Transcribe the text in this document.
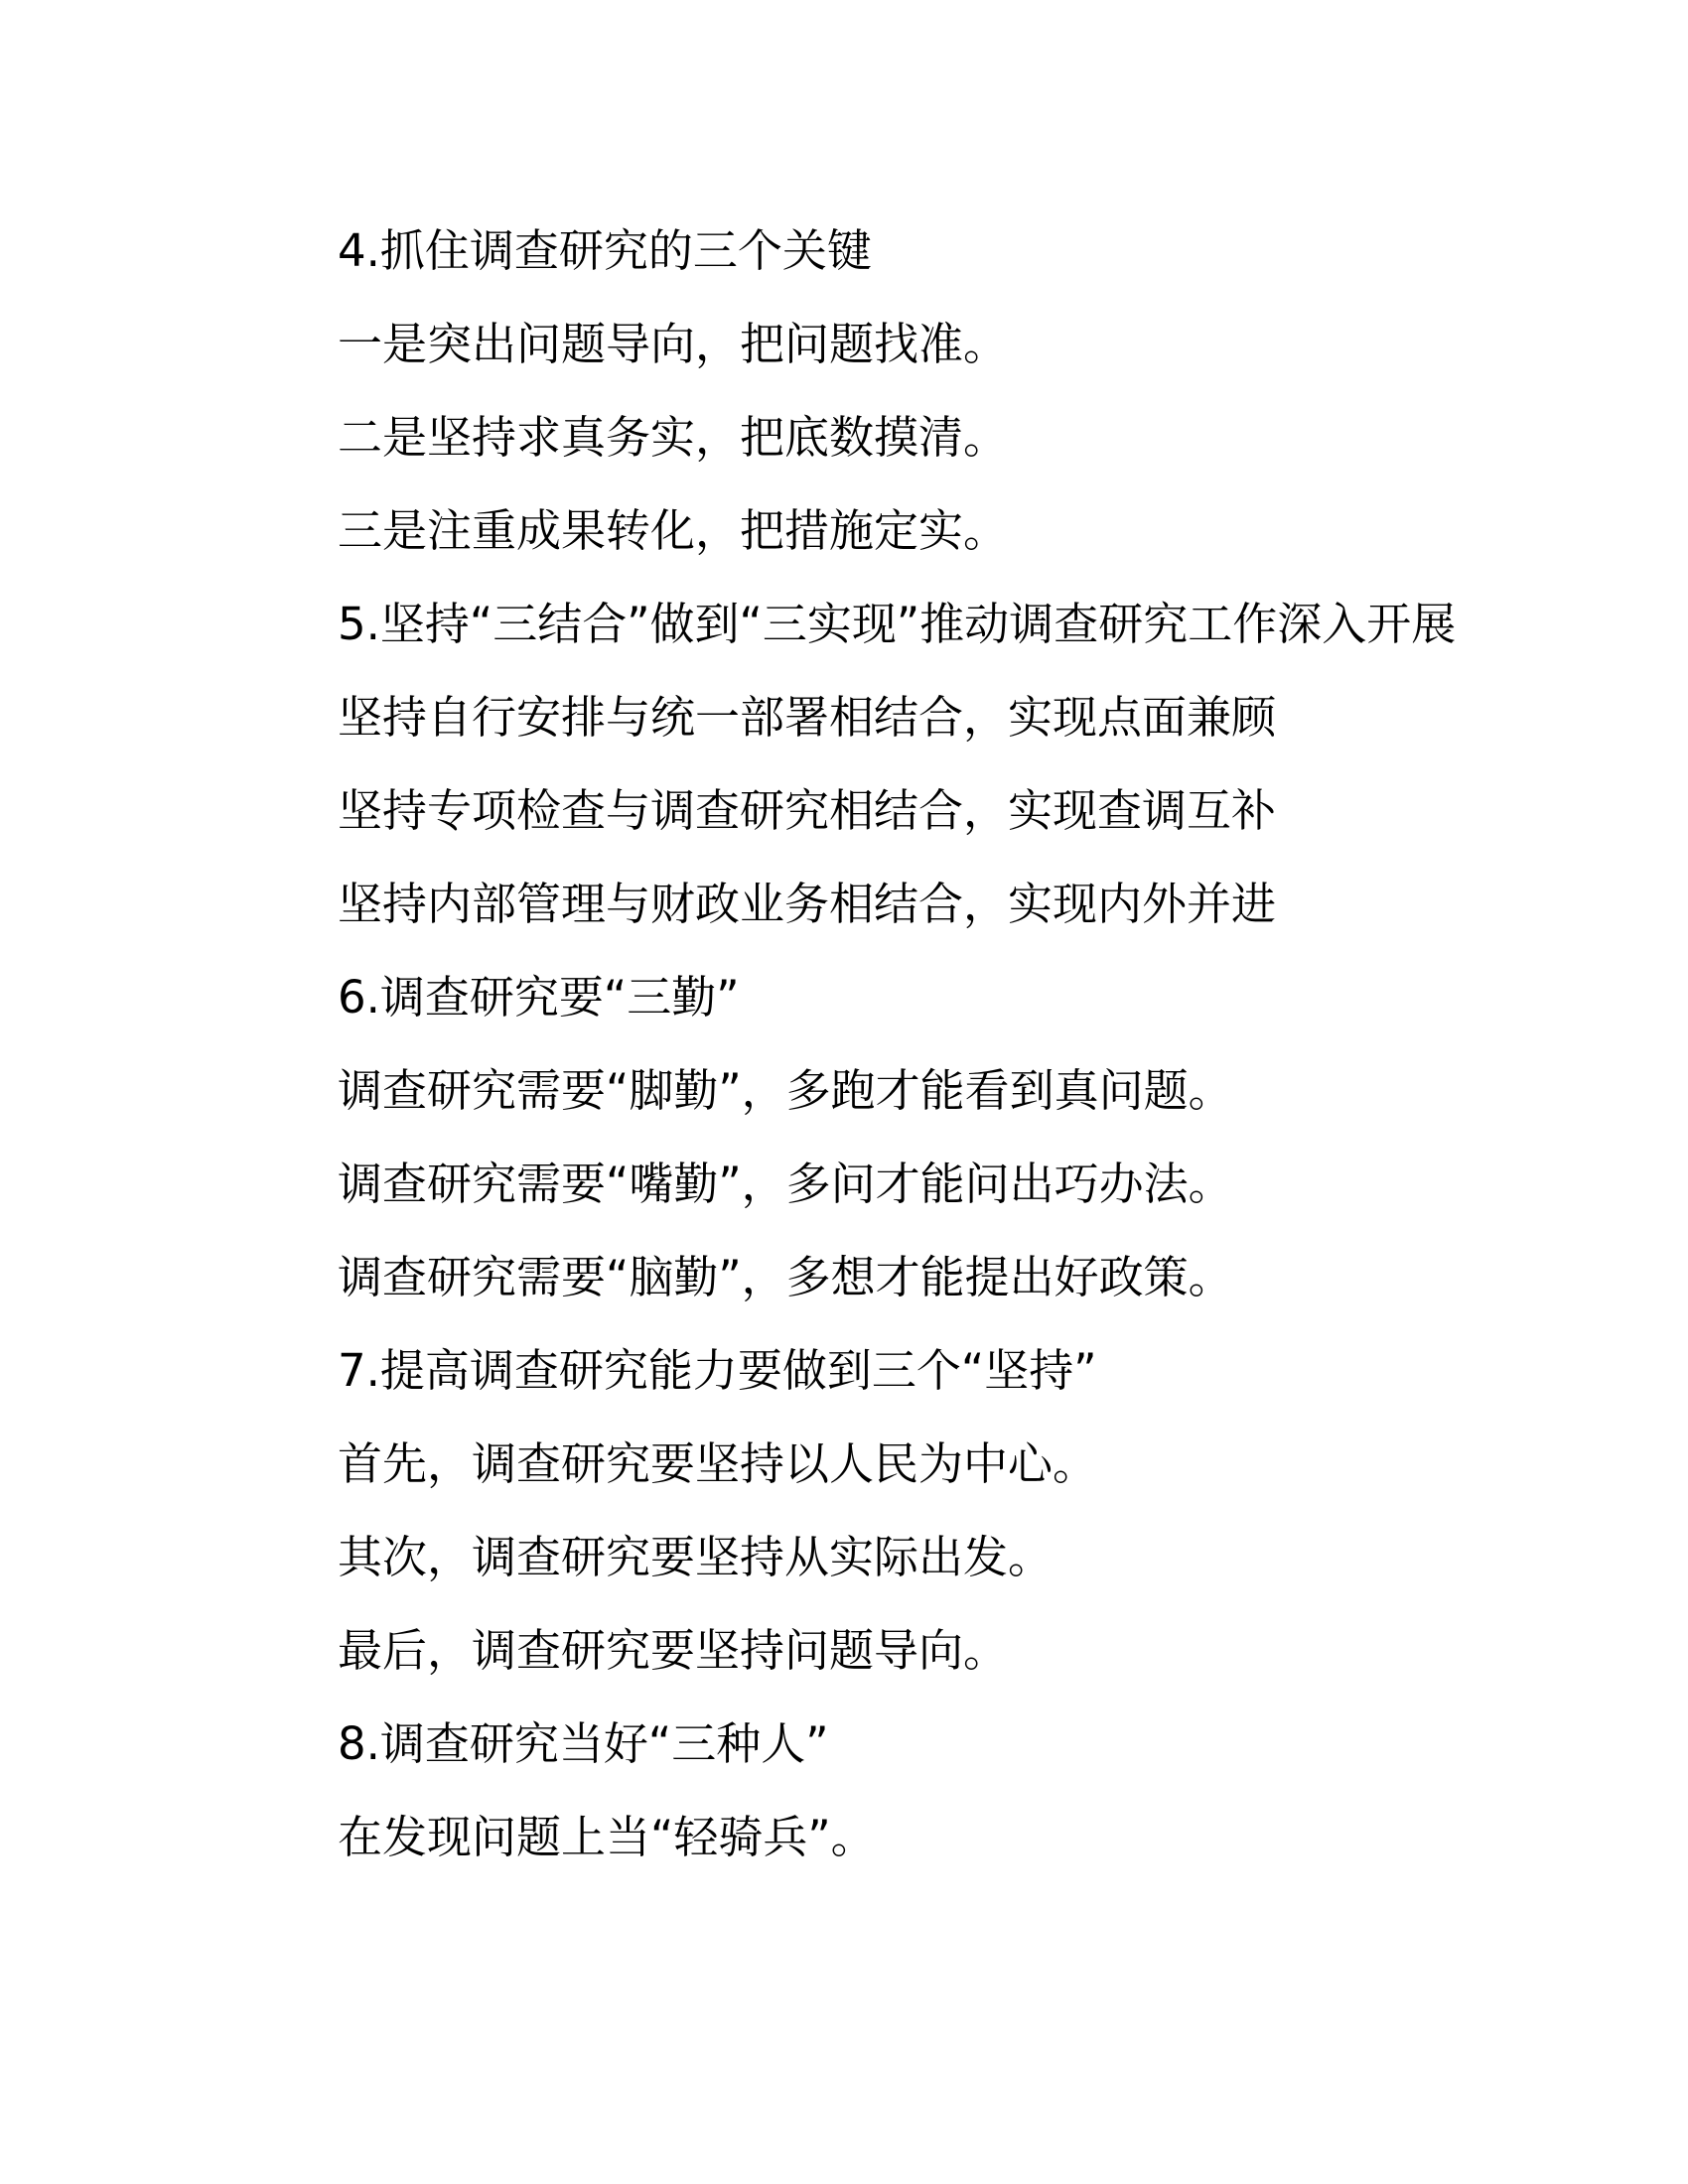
4.抓住调查研究的三个关键

一是突出问题导向，把问题找准。

二是坚持求真务实，把底数摸清。

三是注重成果转化，把措施定实。

5.坚持“三结合”做到“三实现”推动调查研究工作深入开展

坚持自行安排与统一部署相结合，实现点面兼顾

坚持专项检查与调查研究相结合，实现查调互补

坚持内部管理与财政业务相结合，实现内外并进

6.调查研究要“三勤”

调查研究需要“脚勤”，多跑才能看到真问题。

调查研究需要“嘴勤”，多问才能问出巧办法。

调查研究需要“脑勤”，多想才能提出好政策。

7.提高调查研究能力要做到三个“坚持”

首先，调查研究要坚持以人民为中心。

其次，调查研究要坚持从实际出发。

最后，调查研究要坚持问题导向。

8.调查研究当好“三种人”

在发现问题上当“轻骑兵”。
